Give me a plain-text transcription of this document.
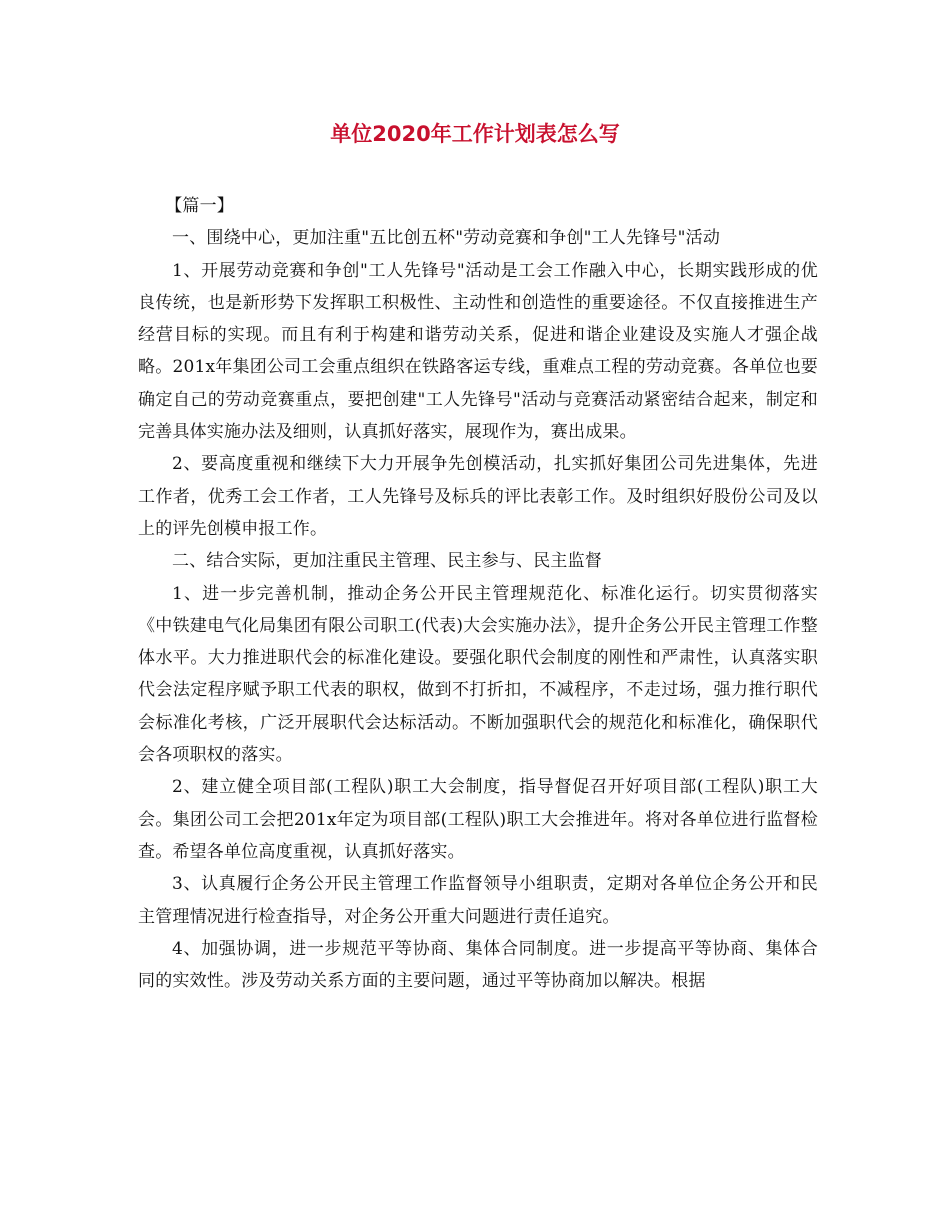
单位2020年工作计划表怎么写

【篇一】

一、围绕中心，更加注重"五比创五杯"劳动竞赛和争创"工人先锋号"活动

1、开展劳动竞赛和争创"工人先锋号"活动是工会工作融入中心，长期实践形成的优良传统，也是新形势下发挥职工积极性、主动性和创造性的重要途径。不仅直接推进生产经营目标的实现。而且有利于构建和谐劳动关系，促进和谐企业建设及实施人才强企战略。201x年集团公司工会重点组织在铁路客运专线，重难点工程的劳动竞赛。各单位也要确定自己的劳动竞赛重点，要把创建"工人先锋号"活动与竞赛活动紧密结合起来，制定和完善具体实施办法及细则，认真抓好落实，展现作为，赛出成果。

2、要高度重视和继续下大力开展争先创模活动，扎实抓好集团公司先进集体，先进工作者，优秀工会工作者，工人先锋号及标兵的评比表彰工作。及时组织好股份公司及以上的评先创模申报工作。

二、结合实际，更加注重民主管理、民主参与、民主监督

1、进一步完善机制，推动企务公开民主管理规范化、标准化运行。切实贯彻落实《中铁建电气化局集团有限公司职工(代表)大会实施办法》，提升企务公开民主管理工作整体水平。大力推进职代会的标准化建设。要强化职代会制度的刚性和严肃性，认真落实职代会法定程序赋予职工代表的职权，做到不打折扣，不减程序，不走过场，强力推行职代会标准化考核，广泛开展职代会达标活动。不断加强职代会的规范化和标准化，确保职代会各项职权的落实。

2、建立健全项目部(工程队)职工大会制度，指导督促召开好项目部(工程队)职工大会。集团公司工会把201x年定为项目部(工程队)职工大会推进年。将对各单位进行监督检查。希望各单位高度重视，认真抓好落实。

3、认真履行企务公开民主管理工作监督领导小组职责，定期对各单位企务公开和民主管理情况进行检查指导，对企务公开重大问题进行责任追究。

4、加强协调，进一步规范平等协商、集体合同制度。进一步提高平等协商、集体合同的实效性。涉及劳动关系方面的主要问题，通过平等协商加以解决。根据
